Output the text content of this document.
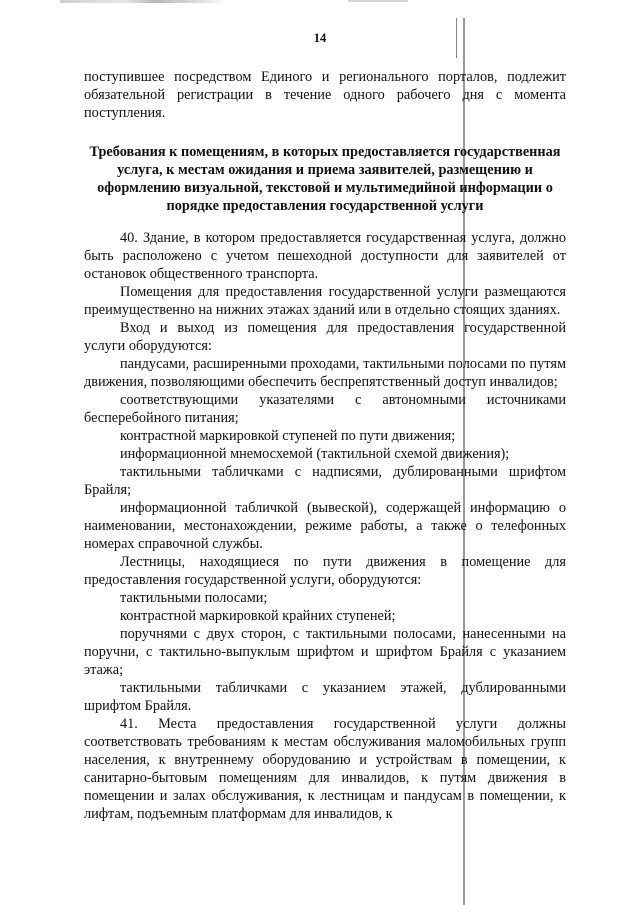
14

поступившее посредством Единого и регионального порталов, подлежит обязательной регистрации в течение одного рабочего дня с момента поступления.

Требования к помещениям, в которых предоставляется государственная услуга, к местам ожидания и приема заявителей, размещению и оформлению визуальной, текстовой и мультимедийной информации о порядке предоставления государственной услуги

40. Здание, в котором предоставляется государственная услуга, должно быть расположено с учетом пешеходной доступности для заявителей от остановок общественного транспорта.

Помещения для предоставления государственной услуги размещаются преимущественно на нижних этажах зданий или в отдельно стоящих зданиях.

Вход и выход из помещения для предоставления государственной услуги оборудуются:

пандусами, расширенными проходами, тактильными полосами по путям движения, позволяющими обеспечить беспрепятственный доступ инвалидов;

соответствующими указателями с автономными источниками бесперебойного питания;

контрастной маркировкой ступеней по пути движения;

информационной мнемосхемой (тактильной схемой движения);

тактильными табличками с надписями, дублированными шрифтом Брайля;

информационной табличкой (вывеской), содержащей информацию о наименовании, местонахождении, режиме работы, а также о телефонных номерах справочной службы.

Лестницы, находящиеся по пути движения в помещение для предоставления государственной услуги, оборудуются:

тактильными полосами;

контрастной маркировкой крайних ступеней;

поручнями с двух сторон, с тактильными полосами, нанесенными на поручни, с тактильно-выпуклым шрифтом и шрифтом Брайля с указанием этажа;

тактильными табличками с указанием этажей, дублированными шрифтом Брайля.

41. Места предоставления государственной услуги должны соответствовать требованиям к местам обслуживания маломобильных групп населения, к внутреннему оборудованию и устройствам в помещении, к санитарно-бытовым помещениям для инвалидов, к путям движения в помещении и залах обслуживания, к лестницам и пандусам в помещении, к лифтам, подъемным платформам для инвалидов, к
